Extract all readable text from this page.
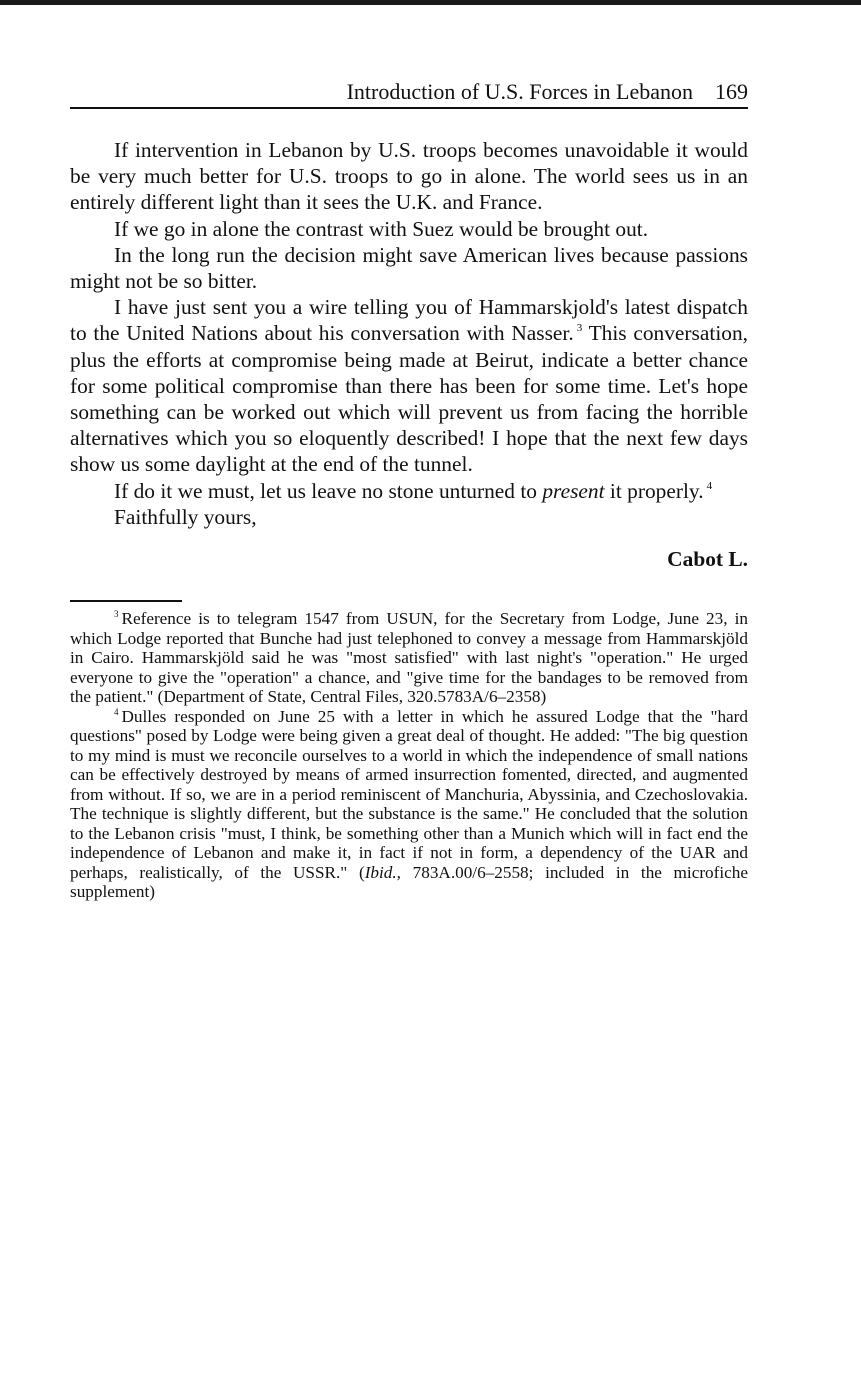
Introduction of U.S. Forces in Lebanon 169

If intervention in Lebanon by U.S. troops becomes unavoidable it would be very much better for U.S. troops to go in alone. The world sees us in an entirely different light than it sees the U.K. and France.

If we go in alone the contrast with Suez would be brought out.

In the long run the decision might save American lives because passions might not be so bitter.

I have just sent you a wire telling you of Hammarskjold's latest dispatch to the United Nations about his conversation with Nasser. $^3$ This conversation, plus the efforts at compromise being made at Beirut, indicate a better chance for some political compromise than there has been for some time. Let's hope something can be worked out which will prevent us from facing the horrible alternatives which you so eloquently described! I hope that the next few days show us some daylight at the end of the tunnel.

If do it we must, let us leave no stone unturned to present it properly. $^4$

Faithfully yours,

Cabot L.

$^3$ Reference is to telegram 1547 from USUN, for the Secretary from Lodge, June 23, in which Lodge reported that Bunche had just telephoned to convey a message from Hammarskjöld in Cairo. Hammarskjöld said he was "most satisfied" with last night's "operation." He urged everyone to give the "operation" a chance, and "give time for the bandages to be removed from the patient." (Department of State, Central Files, 320.5783A/6–2358)

$^4$ Dulles responded on June 25 with a letter in which he assured Lodge that the "hard questions" posed by Lodge were being given a great deal of thought. He added: "The big question to my mind is must we reconcile ourselves to a world in which the independence of small nations can be effectively destroyed by means of armed insurrection fomented, directed, and augmented from without. If so, we are in a period reminiscent of Manchuria, Abyssinia, and Czechoslovakia. The technique is slightly different, but the substance is the same." He concluded that the solution to the Lebanon crisis "must, I think, be something other than a Munich which will in fact end the independence of Lebanon and make it, in fact if not in form, a dependency of the UAR and perhaps, realistically, of the USSR." (Ibid., 783A.00/6–2558; included in the microfiche supplement)
